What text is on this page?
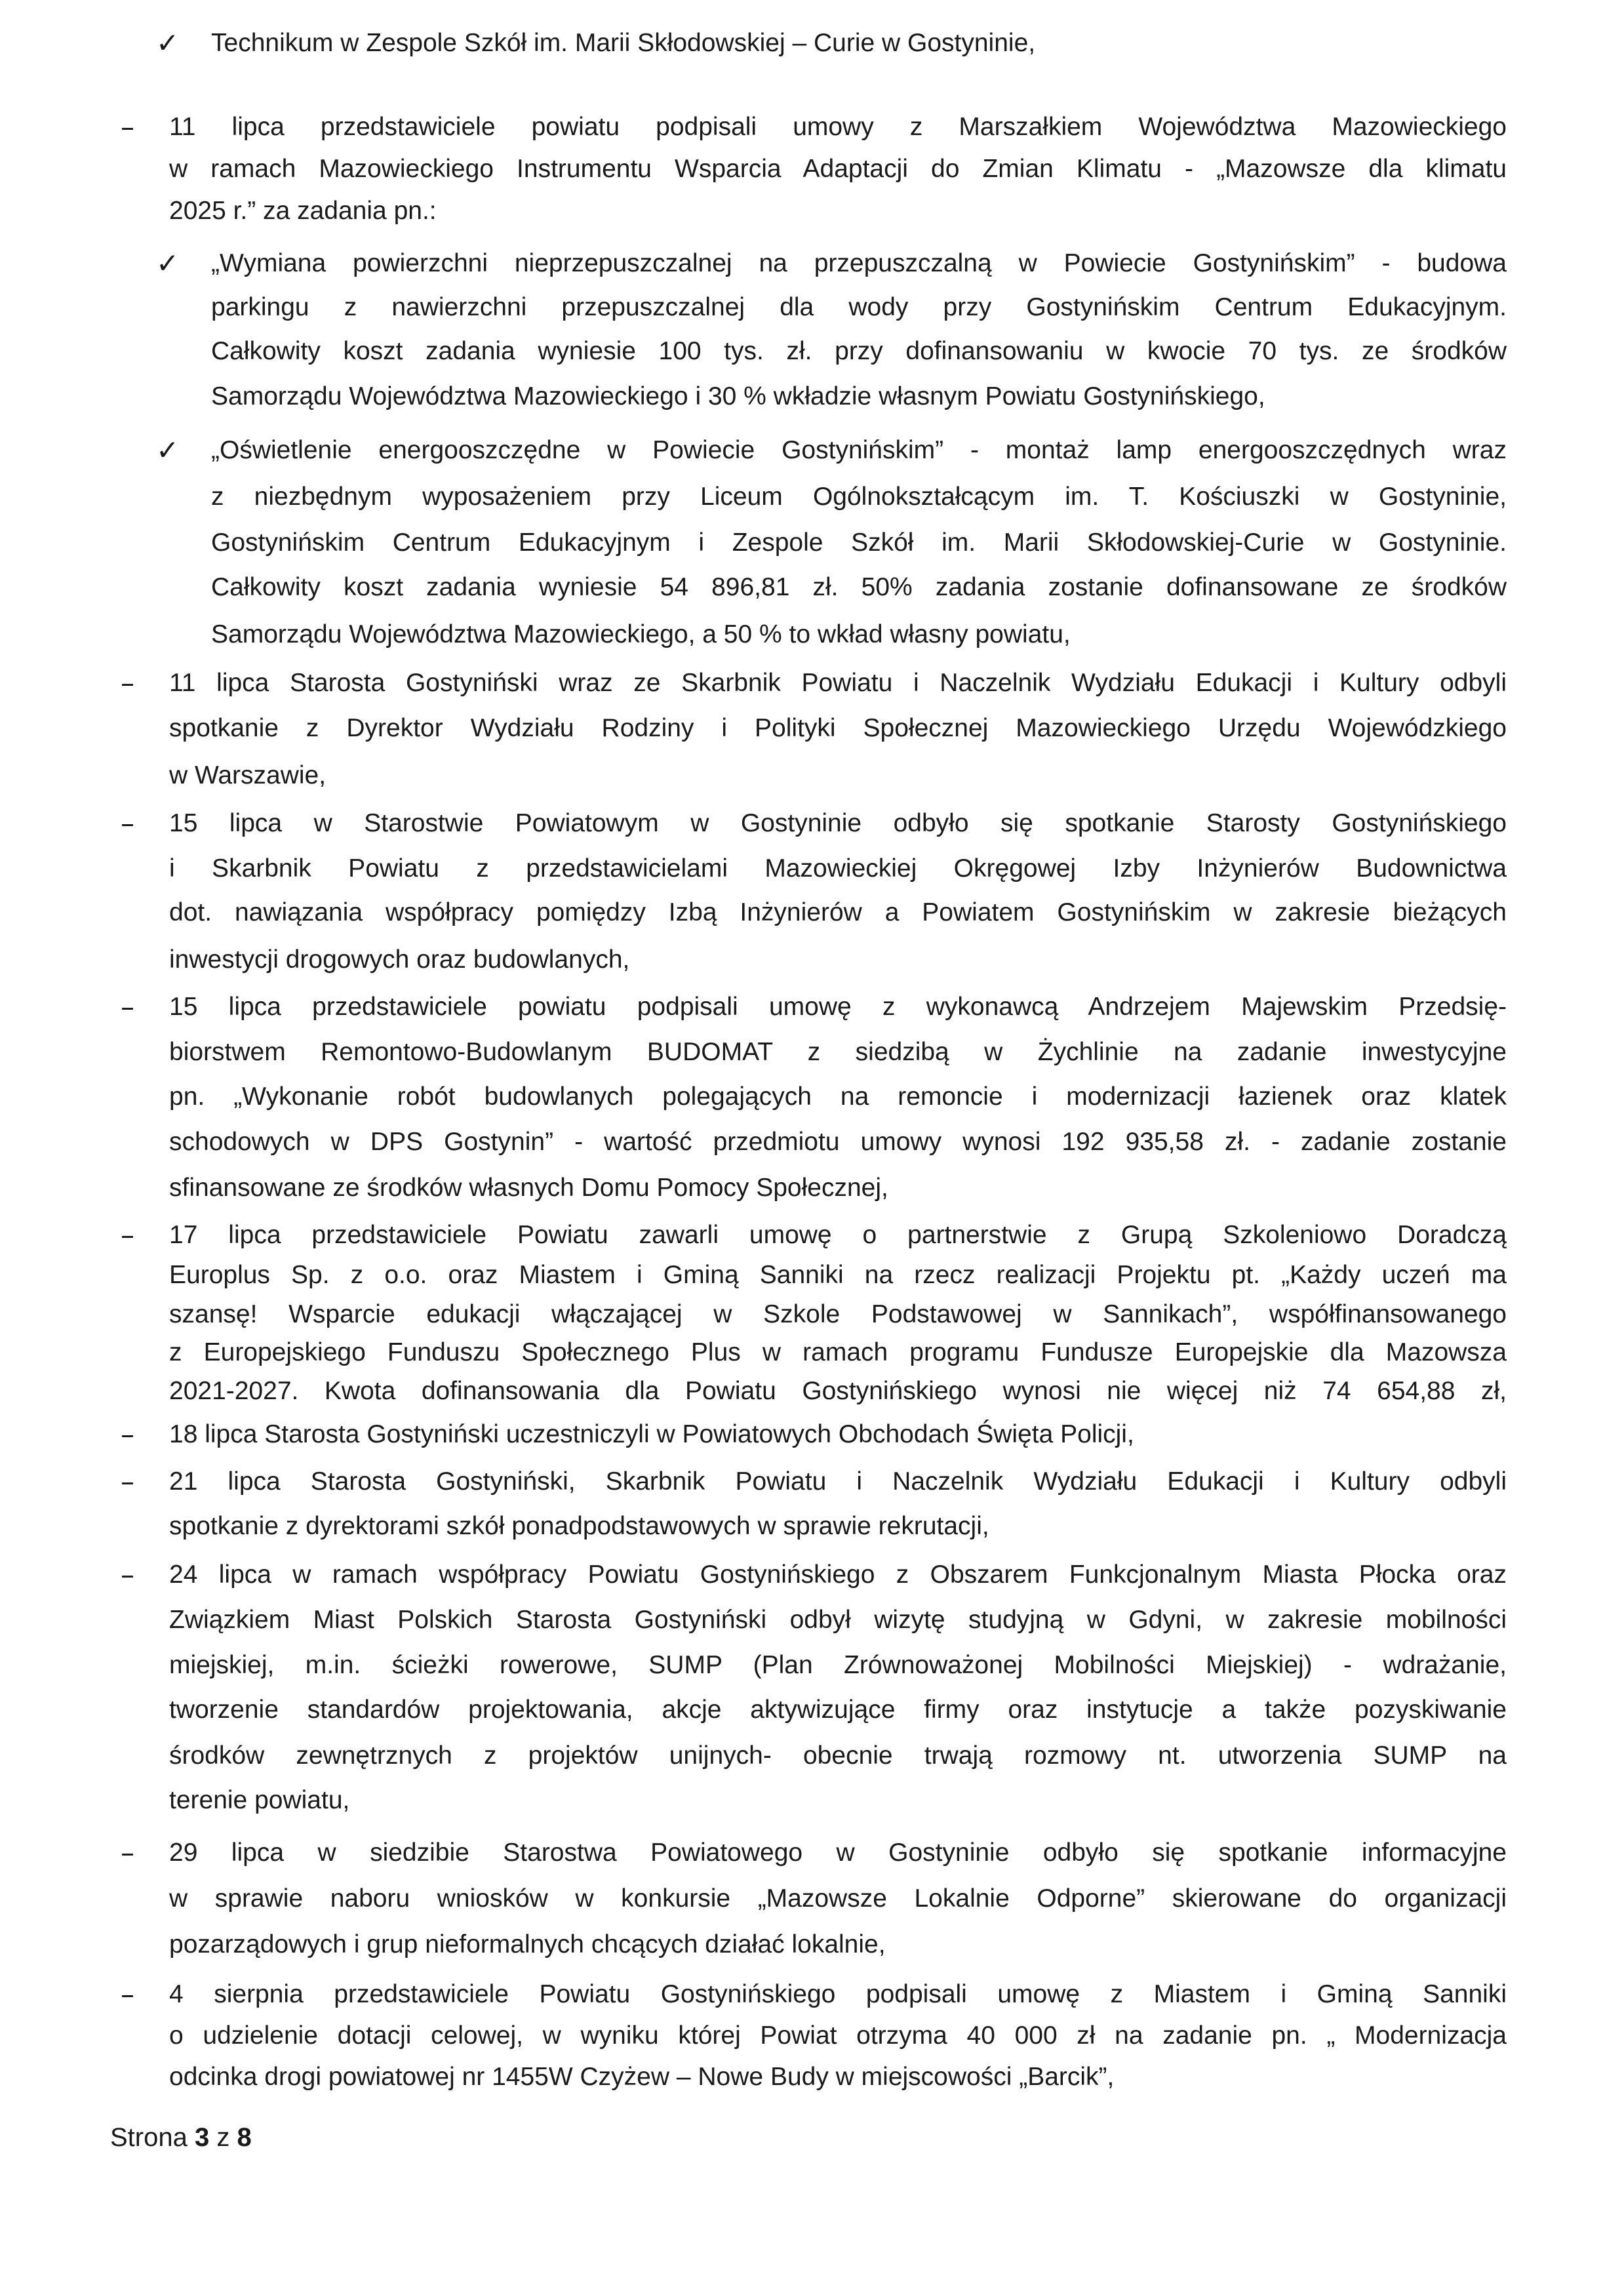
✓ Technikum w Zespole Szkół im. Marii Skłodowskiej – Curie w Gostyninie,
– 11 lipca przedstawiciele powiatu podpisali umowy z Marszałkiem Województwa Mazowieckiego
w ramach Mazowieckiego Instrumentu Wsparcia Adaptacji do Zmian Klimatu - „Mazowsze dla klimatu
2025 r.” za zadania pn.:
✓ „Wymiana powierzchni nieprzepuszczalnej na przepuszczalną w Powiecie Gostynińskim” - budowa
parkingu z nawierzchni przepuszczalnej dla wody przy Gostynińskim Centrum Edukacyjnym.
Całkowity koszt zadania wyniesie 100 tys. zł. przy dofinansowaniu w kwocie 70 tys. ze środków
Samorządu Województwa Mazowieckiego i 30 % wkładzie własnym Powiatu Gostynińskiego,
✓ „Oświetlenie energooszczędne w Powiecie Gostynińskim” - montaż lamp energooszczędnych wraz
z niezbędnym wyposażeniem przy Liceum Ogólnokształcącym im. T. Kościuszki w Gostyninie,
Gostynińskim Centrum Edukacyjnym i Zespole Szkół im. Marii Skłodowskiej-Curie w Gostyninie.
Całkowity koszt zadania wyniesie 54 896,81 zł. 50% zadania zostanie dofinansowane ze środków
Samorządu Województwa Mazowieckiego, a 50 % to wkład własny powiatu,
– 11 lipca Starosta Gostyniński wraz ze Skarbnik Powiatu i Naczelnik Wydziału Edukacji i Kultury odbyli
spotkanie z Dyrektor Wydziału Rodziny i Polityki Społecznej Mazowieckiego Urzędu Wojewódzkiego
w Warszawie,
– 15 lipca w Starostwie Powiatowym w Gostyninie odbyło się spotkanie Starosty Gostynińskiego
i Skarbnik Powiatu z przedstawicielami Mazowieckiej Okręgowej Izby Inżynierów Budownictwa
dot. nawiązania współpracy pomiędzy Izbą Inżynierów a Powiatem Gostynińskim w zakresie bieżących
inwestycji drogowych oraz budowlanych,
– 15 lipca przedstawiciele powiatu podpisali umowę z wykonawcą Andrzejem Majewskim Przedsię-
biorstwem Remontowo-Budowlanym BUDOMAT z siedzibą w Żychlinie na zadanie inwestycyjne
pn. „Wykonanie robót budowlanych polegających na remoncie i modernizacji łazienek oraz klatek
schodowych w DPS Gostynin” - wartość przedmiotu umowy wynosi 192 935,58 zł. - zadanie zostanie
sfinansowane ze środków własnych Domu Pomocy Społecznej,
– 17 lipca przedstawiciele Powiatu zawarli umowę o partnerstwie z Grupą Szkoleniowo Doradczą
Europlus Sp. z o.o. oraz Miastem i Gminą Sanniki na rzecz realizacji Projektu pt. „Każdy uczeń ma
szansę! Wsparcie edukacji włączającej w Szkole Podstawowej w Sannikach”, współfinansowanego
z Europejskiego Funduszu Społecznego Plus w ramach programu Fundusze Europejskie dla Mazowsza
2021-2027. Kwota dofinansowania dla Powiatu Gostynińskiego wynosi nie więcej niż 74 654,88 zł,
– 18 lipca Starosta Gostyniński uczestniczyli w Powiatowych Obchodach Święta Policji,
– 21 lipca Starosta Gostyniński, Skarbnik Powiatu i Naczelnik Wydziału Edukacji i Kultury odbyli
spotkanie z dyrektorami szkół ponadpodstawowych w sprawie rekrutacji,
– 24 lipca w ramach współpracy Powiatu Gostynińskiego z Obszarem Funkcjonalnym Miasta Płocka oraz
Związkiem Miast Polskich Starosta Gostyniński odbył wizytę studyjną w Gdyni, w zakresie mobilności
miejskiej, m.in. ścieżki rowerowe, SUMP (Plan Zrównoważonej Mobilności Miejskiej) - wdrażanie,
tworzenie standardów projektowania, akcje aktywizujące firmy oraz instytucje a także pozyskiwanie
środków zewnętrznych z projektów unijnych- obecnie trwają rozmowy nt. utworzenia SUMP na
terenie powiatu,
– 29 lipca w siedzibie Starostwa Powiatowego w Gostyninie odbyło się spotkanie informacyjne
w sprawie naboru wniosków w konkursie „Mazowsze Lokalnie Odporne” skierowane do organizacji
pozarządowych i grup nieformalnych chcących działać lokalnie,
– 4 sierpnia przedstawiciele Powiatu Gostynińskiego podpisali umowę z Miastem i Gminą Sanniki
o udzielenie dotacji celowej, w wyniku której Powiat otrzyma 40 000 zł na zadanie pn. „ Modernizacja
odcinka drogi powiatowej nr 1455W Czyżew – Nowe Budy w miejscowości „Barcik”,
Strona 3 z 8
